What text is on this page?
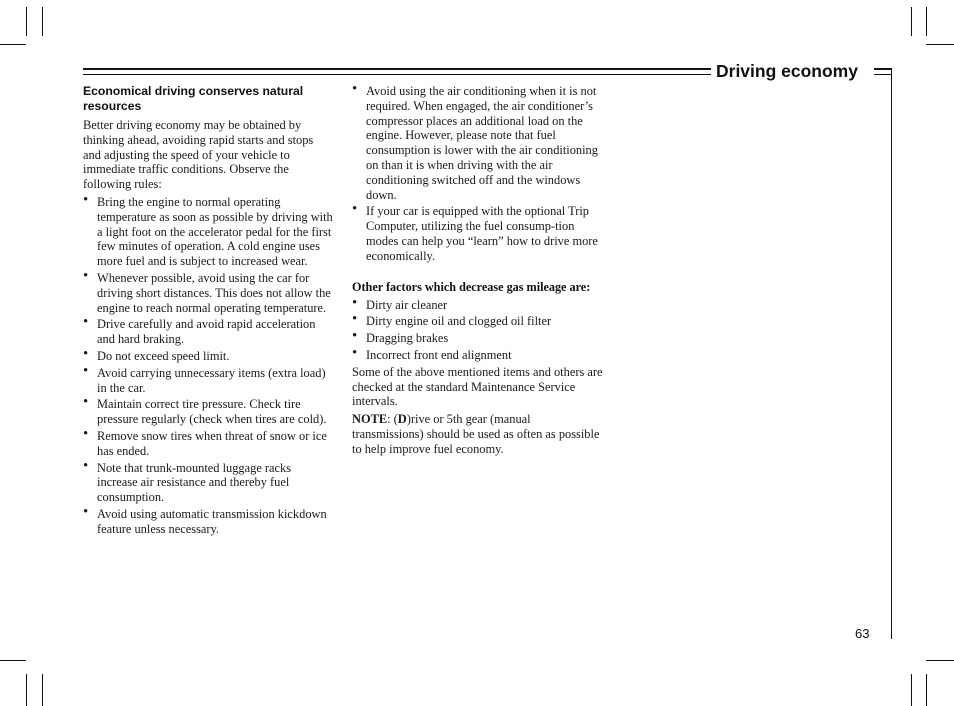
Driving economy
Economical driving conserves natural resources

Better driving economy may be obtained by thinking ahead, avoiding rapid starts and stops and adjusting the speed of your vehicle to immediate traffic conditions. Observe the following rules:

• Bring the engine to normal operating temperature as soon as possible by driving with a light foot on the accelerator pedal for the first few minutes of operation. A cold engine uses more fuel and is subject to increased wear.
• Whenever possible, avoid using the car for driving short distances. This does not allow the engine to reach normal operating temperature.
• Drive carefully and avoid rapid acceleration and hard braking.
• Do not exceed speed limit.
• Avoid carrying unnecessary items (extra load) in the car.
• Maintain correct tire pressure. Check tire pressure regularly (check when tires are cold).
• Remove snow tires when threat of snow or ice has ended.
• Note that trunk-mounted luggage racks increase air resistance and thereby fuel consumption.
• Avoid using automatic transmission kickdown feature unless necessary.
• Avoid using the air conditioning when it is not required. When engaged, the air conditioner’s compressor places an additional load on the engine. However, please note that fuel consumption is lower with the air conditioning on than it is when driving with the air conditioning switched off and the windows down.
• If your car is equipped with the optional Trip Computer, utilizing the fuel consump-tion modes can help you “learn” how to drive more economically.
Other factors which decrease gas mileage are:
• Dirty air cleaner
• Dirty engine oil and clogged oil filter
• Dragging brakes
• Incorrect front end alignment

Some of the above mentioned items and others are checked at the standard Maintenance Service intervals.

NOTE: (D)rive or 5th gear (manual transmissions) should be used as often as possible to help improve fuel economy.

63
